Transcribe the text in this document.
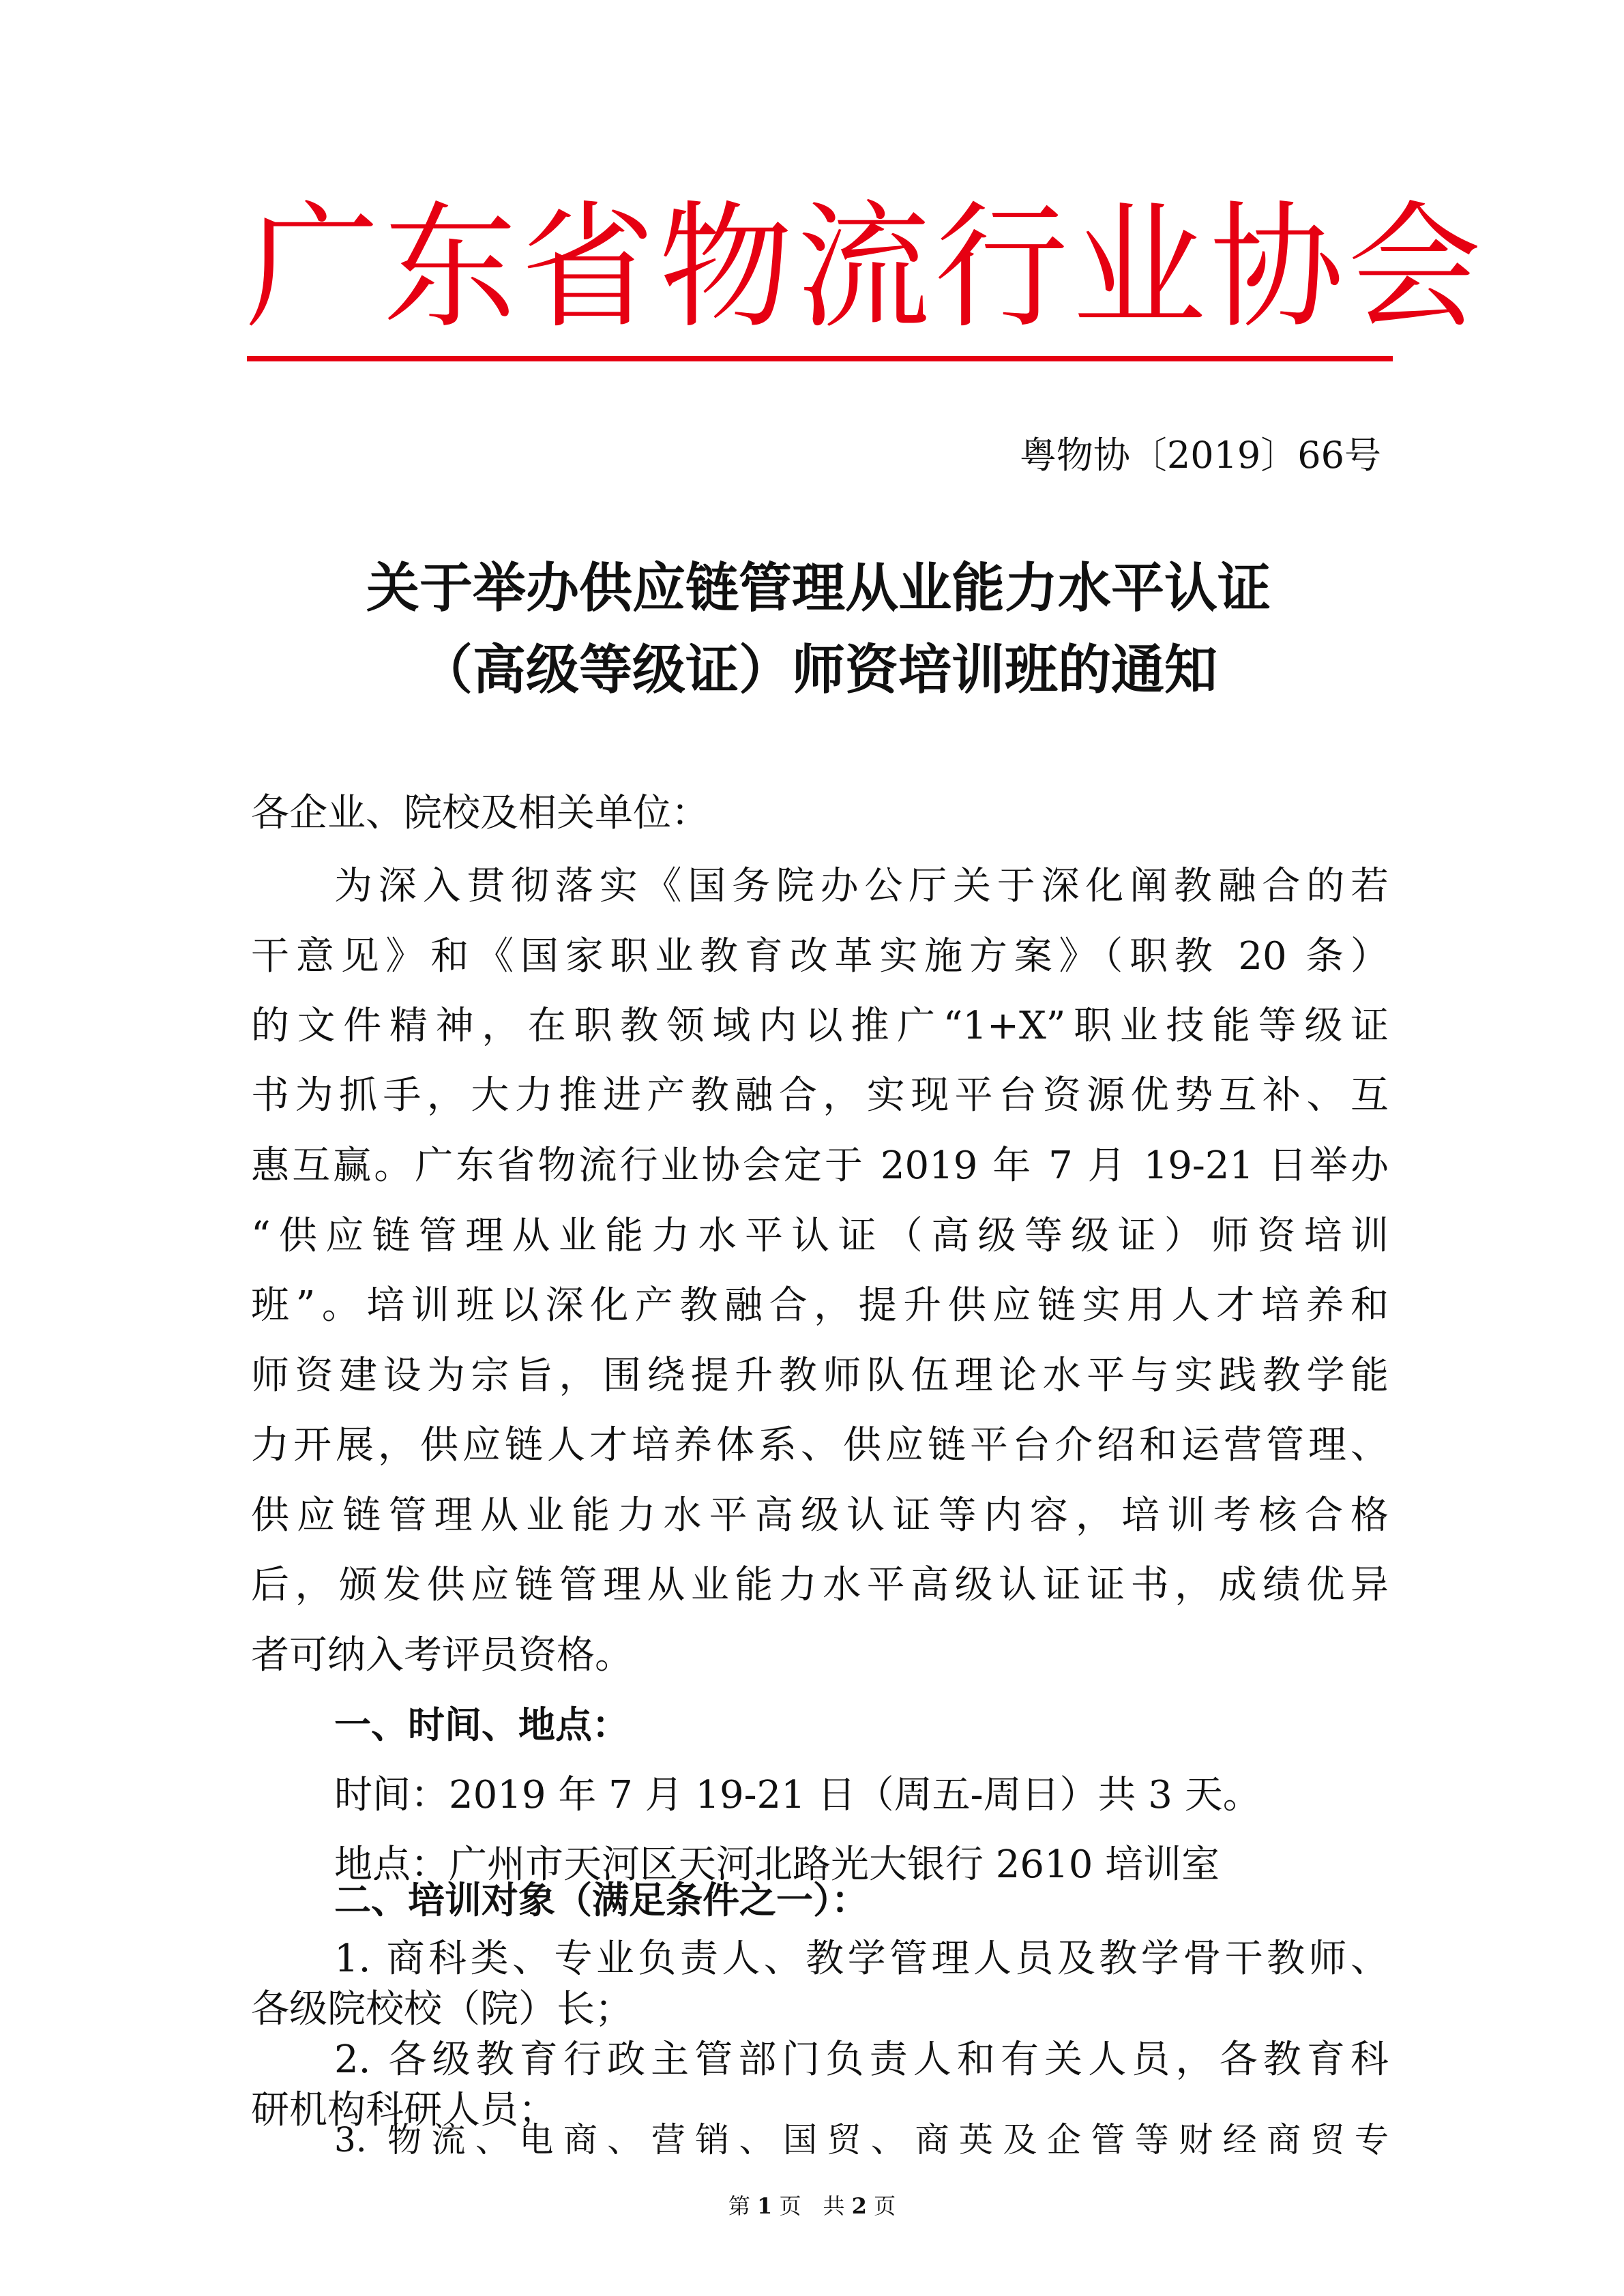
广东省物流行业协会
粤物协〔2019〕66号
关于举办供应链管理从业能力水平认证
（高级等级证）师资培训班的通知
各企业、院校及相关单位：
为深入贯彻落实《国务院办公厅关于深化阐教融合的若
干意见》和《国家职业教育改革实施方案》（职教 20 条）
的文件精神，在职教领域内以推广“1+X”职业技能等级证
书为抓手，大力推进产教融合，实现平台资源优势互补、互
惠互赢。广东省物流行业协会定于 2019 年 7 月 19-21 日举办
“供应链管理从业能力水平认证（高级等级证）师资培训
班”。培训班以深化产教融合，提升供应链实用人才培养和
师资建设为宗旨，围绕提升教师队伍理论水平与实践教学能
力开展，供应链人才培养体系、供应链平台介绍和运营管理、
供应链管理从业能力水平高级认证等内容，培训考核合格
后，颁发供应链管理从业能力水平高级认证证书，成绩优异
者可纳入考评员资格。
一、时间、地点：
时间：2019 年 7 月 19-21 日（周五-周日）共 3 天。
地点：广州市天河区天河北路光大银行 2610 培训室
二、培训对象（满足条件之一）：
1. 商科类、专业负责人、教学管理人员及教学骨干教师、
各级院校校（院）长；
2. 各级教育行政主管部门负责人和有关人员，各教育科
第 1 页　共 2 页
研机构科研人员；
3. 物流、电商、营销、国贸、商英及企管等财经商贸专
